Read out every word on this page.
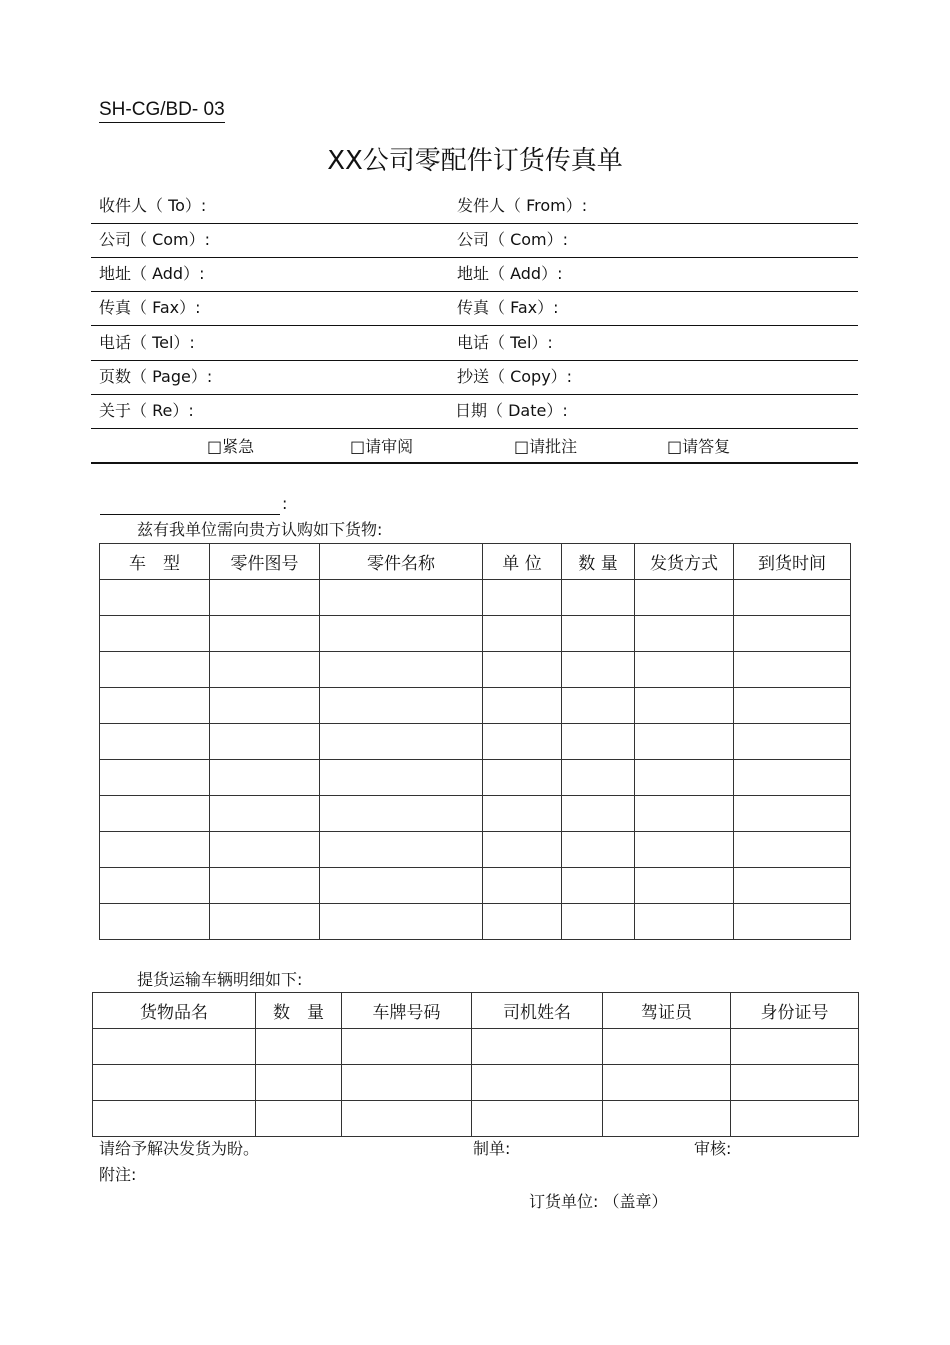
SH-CG/BD- 03
XX公司零配件订货传真单
收件人（ To）:	发件人（ From）:
公司（ Com）:	公司（ Com）:
地址（ Add）:	地址（ Add）:
传真（ Fax）:	传真（ Fax）:
电话（ Tel）:	电话（ Tel）:
页数（ Page）:	抄送（ Copy）:
关于（ Re）:	日期（ Date）:
□紧急	□请审阅	□请批注	□请答复
:
兹有我单位需向贵方认购如下货物:
车　型	零件图号	零件名称	单 位	数 量	发货方式	到货时间

提货运输车辆明细如下:
货物品名	数　量	车牌号码	司机姓名	驾证员	身份证号

请给予解决发货为盼。	制单:	审核:
附注:
订货单位: （盖章）
